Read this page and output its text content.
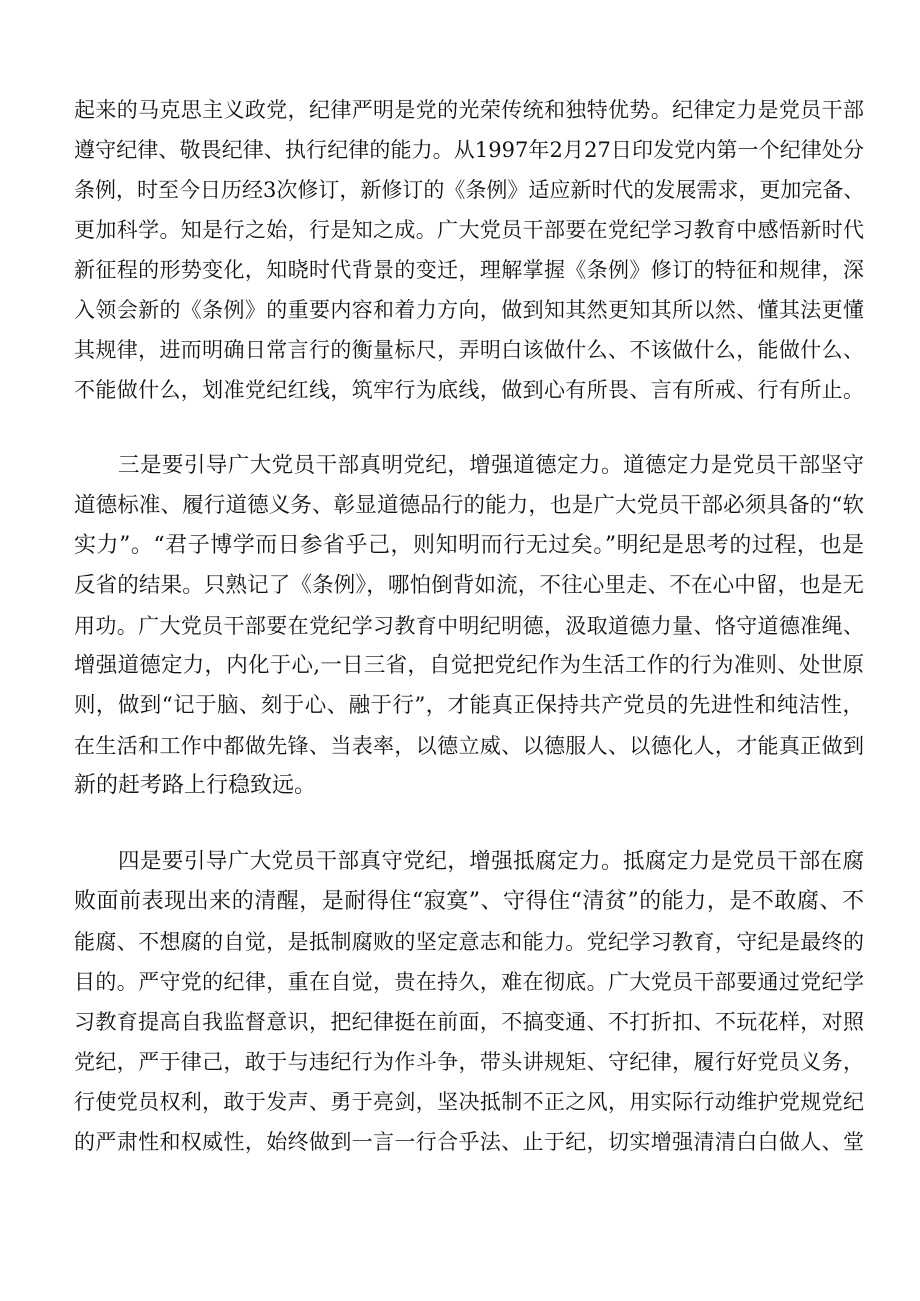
起来的马克思主义政党，纪律严明是党的光荣传统和独特优势。纪律定力是党员干部
遵守纪律、敬畏纪律、执行纪律的能力。从1997年2月27日印发党内第一个纪律处分
条例，时至今日历经3次修订，新修订的《条例》适应新时代的发展需求，更加完备、
更加科学。知是行之始，行是知之成。广大党员干部要在党纪学习教育中感悟新时代
新征程的形势变化，知晓时代背景的变迁，理解掌握《条例》修订的特征和规律，深
入领会新的《条例》的重要内容和着力方向，做到知其然更知其所以然、懂其法更懂
其规律，进而明确日常言行的衡量标尺，弄明白该做什么、不该做什么，能做什么、
不能做什么，划准党纪红线，筑牢行为底线，做到心有所畏、言有所戒、行有所止。
三是要引导广大党员干部真明党纪，增强道德定力。道德定力是党员干部坚守
道德标准、履行道德义务、彰显道德品行的能力，也是广大党员干部必须具备的“软
实力”。“君子博学而日参省乎己，则知明而行无过矣。”明纪是思考的过程，也是
反省的结果。只熟记了《条例》，哪怕倒背如流，不往心里走、不在心中留，也是无
用功。广大党员干部要在党纪学习教育中明纪明德，汲取道德力量、恪守道德准绳、
增强道德定力，内化于心,一日三省，自觉把党纪作为生活工作的行为准则、处世原
则，做到“记于脑、刻于心、融于行”，才能真正保持共产党员的先进性和纯洁性，
在生活和工作中都做先锋、当表率，以德立威、以德服人、以德化人，才能真正做到
新的赶考路上行稳致远。
四是要引导广大党员干部真守党纪，增强抵腐定力。抵腐定力是党员干部在腐
败面前表现出来的清醒，是耐得住“寂寞”、守得住“清贫”的能力，是不敢腐、不
能腐、不想腐的自觉，是抵制腐败的坚定意志和能力。党纪学习教育，守纪是最终的
目的。严守党的纪律，重在自觉，贵在持久，难在彻底。广大党员干部要通过党纪学
习教育提高自我监督意识，把纪律挺在前面，不搞变通、不打折扣、不玩花样，对照
党纪，严于律己，敢于与违纪行为作斗争，带头讲规矩、守纪律，履行好党员义务，
行使党员权利，敢于发声、勇于亮剑，坚决抵制不正之风，用实际行动维护党规党纪
的严肃性和权威性，始终做到一言一行合乎法、止于纪，切实增强清清白白做人、堂
